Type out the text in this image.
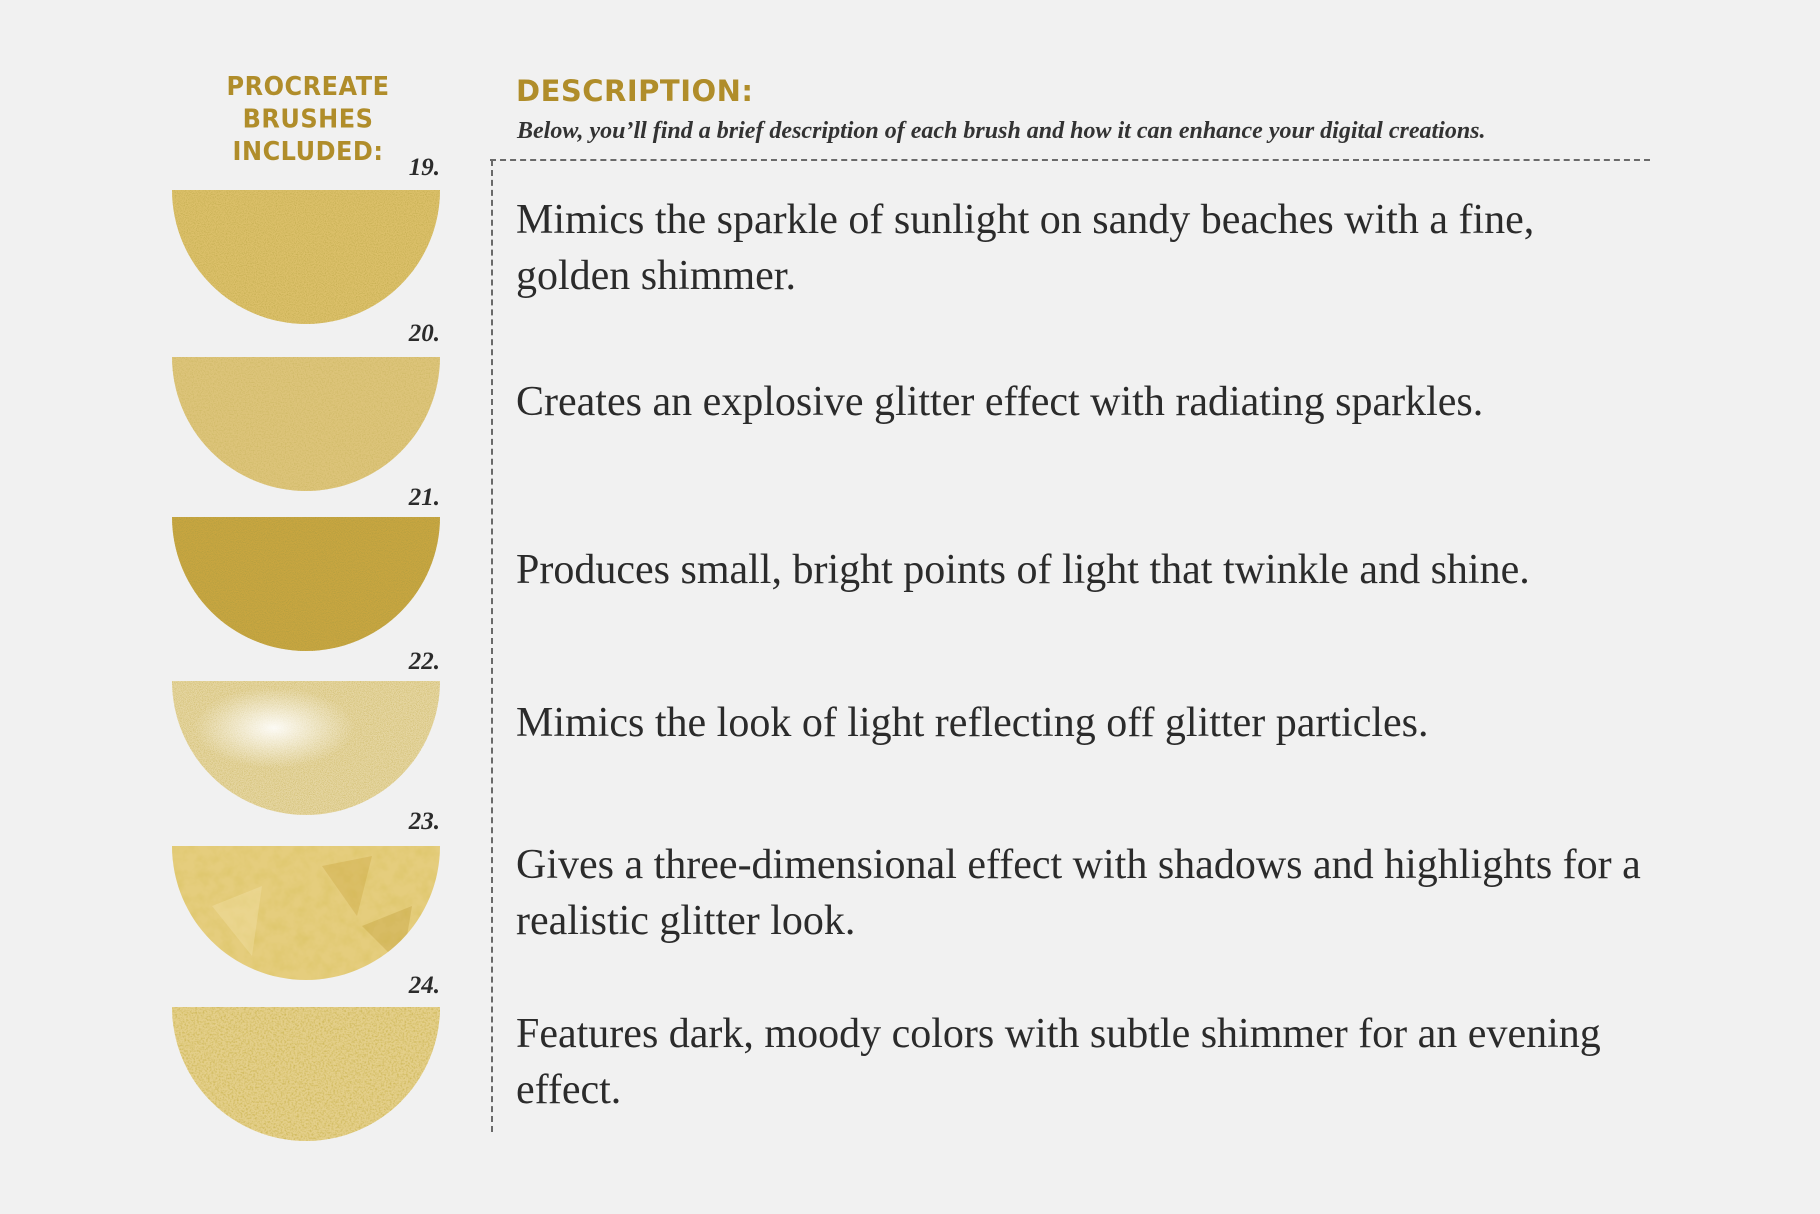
PROCREATE
BRUSHES INCLUDED:
DESCRIPTION:
Below, you’ll find a brief description of each brush and how it can enhance your digital creations.
19.
Mimics the sparkle of sunlight on sandy beaches with a fine, golden shimmer.
20.
Creates an explosive glitter effect with radiating sparkles.
21.
Produces small, bright points of light that twinkle and shine.
22.
Mimics the look of light reflecting off glitter particles.
23.
Gives a three-dimensional effect with shadows and highlights for a realistic glitter look.
24.
Features dark, moody colors with subtle shimmer for an evening effect.
